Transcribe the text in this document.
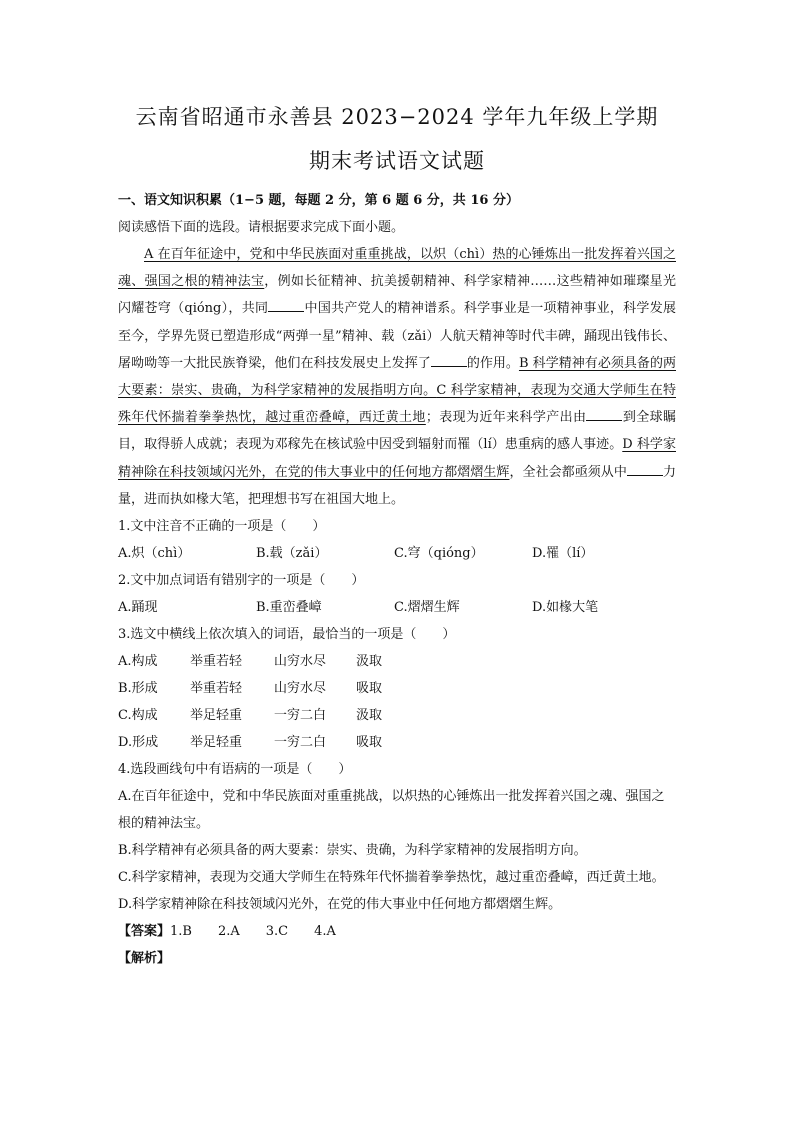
云南省昭通市永善县 2023−2024 学年九年级上学期
期末考试语文试题

一、语文知识积累（1−5 题，每题 2 分，第 6 题 6 分，共 16 分）

阅读感悟下面的选段。请根据要求完成下面小题。

A 在百年征途中，党和中华民族面对重重挑战，以炽（chì）热的心锤炼出一批发挥着兴国之魂、强国之根的精神法宝，例如长征精神、抗美援朝精神、科学家精神……这些精神如璀璨星光闪耀苍穹（qióng），共同	中国共产党人的精神谱系。科学事业是一项精神事业，科学发展至今，学界先贤已塑造形成“两弹一星”精神、载（zǎi）人航天精神等时代丰碑，踊现出钱伟长、屠呦呦等一大批民族脊梁，他们在科技发展史上发挥了	的作用。B 科学精神有必须具备的两大要素：崇实、贵确，为科学家精神的发展指明方向。C 科学家精神，表现为交通大学师生在特殊年代怀揣着拳拳热忱，越过重峦叠嶂，西迁黄土地；表现为近年来科学产出由	到全球瞩目，取得骄人成就；表现为邓稼先在核试验中因受到辐射而罹（lí）患重病的感人事迹。D 科学家精神除在科技领域闪光外，在党的伟大事业中的任何地方都熠熠生辉，全社会都亟须从中	力量，进而执如椽大笔，把理想书写在祖国大地上。

1.文中注音不正确的一项是（　　）

A.炽（chì）	B.载（zǎi）	C.穹（qióng）	D.罹（lí）

2.文中加点词语有错别字的一项是（　　）

A.踊现	B.重峦叠嶂	C.熠熠生辉	D.如椽大笔

3.选文中横线上依次填入的词语，最恰当的一项是（　　）

A.构成	举重若轻	山穷水尽	汲取
B.形成	举重若轻	山穷水尽	吸取
C.构成	举足轻重	一穷二白	汲取
D.形成	举足轻重	一穷二白	吸取

4.选段画线句中有语病的一项是（　　）

A.在百年征途中，党和中华民族面对重重挑战，以炽热的心锤炼出一批发挥着兴国之魂、强国之根的精神法宝。

B.科学精神有必须具备的两大要素：崇实、贵确，为科学家精神的发展指明方向。

C.科学家精神，表现为交通大学师生在特殊年代怀揣着拳拳热忱，越过重峦叠嶂，西迁黄土地。

D.科学家精神除在科技领域闪光外，在党的伟大事业中任何地方都熠熠生辉。

【答案】1.B   2.A   3.C   4.A

【解析】
